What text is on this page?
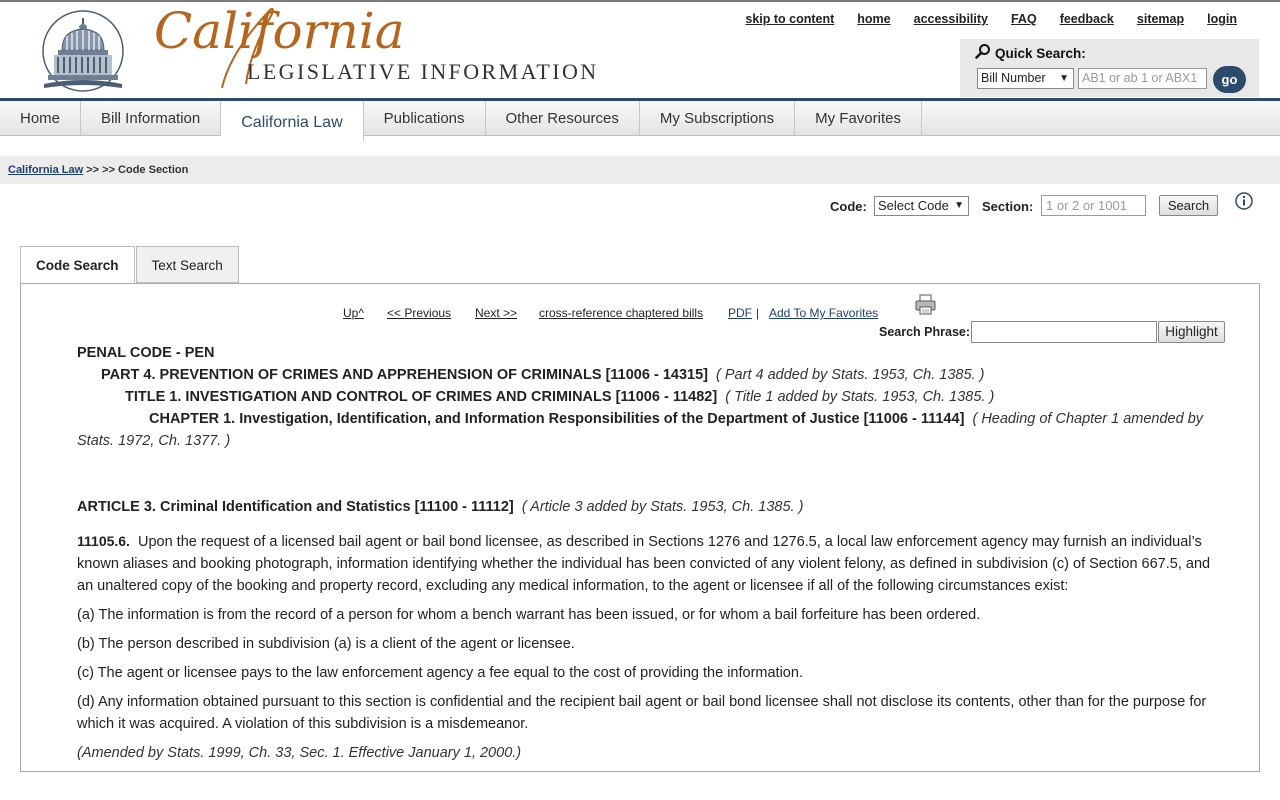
California
LEGISLATIVE INFORMATION
skip to content home accessibility FAQ feedback sitemap login
Quick Search:
Bill Number ▼	AB1 or ab 1 or ABX1	go
Home	Bill Information	California Law	Publications	Other Resources	My Subscriptions	My Favorites
California Law >> >> Code Section
Code: Select Code ▼ Section: 1 or 2 or 1001	Search
Code Search	Text Search
Up^ << Previous Next >> cross-reference chaptered bills PDF | Add To My Favorites
Search Phrase:	Highlight
PENAL CODE - PEN
PART 4. PREVENTION OF CRIMES AND APPREHENSION OF CRIMINALS [11006 - 14315] ( Part 4 added by Stats. 1953, Ch. 1385. )
TITLE 1. INVESTIGATION AND CONTROL OF CRIMES AND CRIMINALS [11006 - 11482] ( Title 1 added by Stats. 1953, Ch. 1385. )
CHAPTER 1. Investigation, Identification, and Information Responsibilities of the Department of Justice [11006 - 11144] ( Heading of Chapter 1 amended by Stats. 1972, Ch. 1377. )
ARTICLE 3. Criminal Identification and Statistics [11100 - 11112] ( Article 3 added by Stats. 1953, Ch. 1385. )
11105.6. Upon the request of a licensed bail agent or bail bond licensee, as described in Sections 1276 and 1276.5, a local law enforcement agency may furnish an individual’s known aliases and booking photograph, information identifying whether the individual has been convicted of any violent felony, as defined in subdivision (c) of Section 667.5, and an unaltered copy of the booking and property record, excluding any medical information, to the agent or licensee if all of the following circumstances exist:
(a) The information is from the record of a person for whom a bench warrant has been issued, or for whom a bail forfeiture has been ordered.
(b) The person described in subdivision (a) is a client of the agent or licensee.
(c) The agent or licensee pays to the law enforcement agency a fee equal to the cost of providing the information.
(d) Any information obtained pursuant to this section is confidential and the recipient bail agent or bail bond licensee shall not disclose its contents, other than for the purpose for which it was acquired. A violation of this subdivision is a misdemeanor.
(Amended by Stats. 1999, Ch. 33, Sec. 1. Effective January 1, 2000.)
